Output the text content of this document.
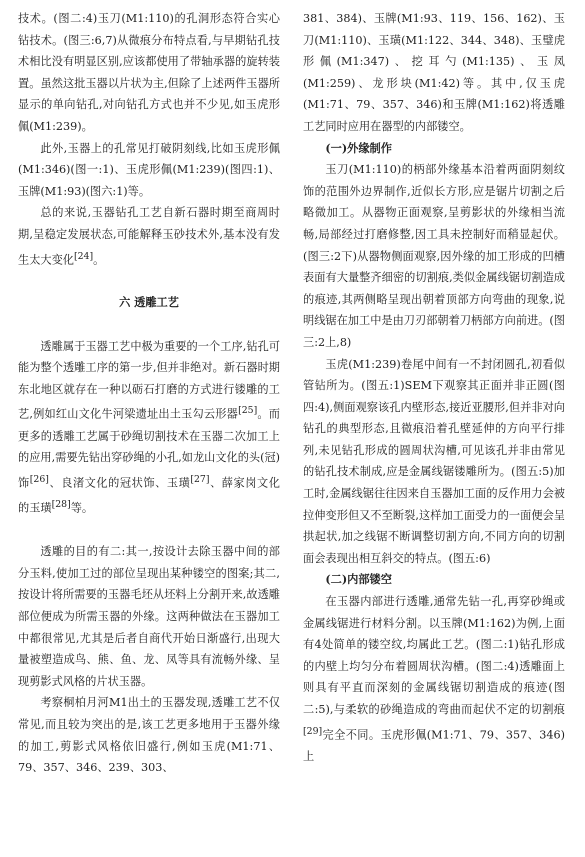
技术。(图二:4)玉刀(M1:110)的孔洞形态符合实心钻技术。(图三:6,7)从微痕分布特点看,与早期钻孔技术相比没有明显区别,应该都使用了带轴承器的旋转装置。虽然这批玉器以片状为主,但除了上述两件玉器所显示的单向钻孔,对向钻孔方式也并不少见,如玉虎形佩(M1:239)。

此外,玉器上的孔常见打破阴刻线,比如玉虎形佩(M1:346)(图一:1)、玉虎形佩(M1:239)(图四:1)、玉牌(M1:93)(图六:1)等。

总的来说,玉器钻孔工艺自新石器时期至商周时期,呈稳定发展状态,可能解释玉砂技术外,基本没有发生太大变化[24]。

六 透雕工艺

透雕属于玉器工艺中极为重要的一个工序,钻孔可能为整个透雕工序的第一步,但并非绝对。新石器时期东北地区就存在一种以砺石打磨的方式进行镂雕的工艺,例如红山文化牛河梁遗址出土玉勾云形器[25]。而更多的透雕工艺属于砂绳切割技术在玉器二次加工上的应用,需要先钻出穿砂绳的小孔,如龙山文化的头(冠)饰[26]、良渚文化的冠状饰、玉璜[27]、薛家岗文化的玉璜[28]等。

透雕的目的有二:其一,按设计去除玉器中间的部分玉料,使加工过的部位呈现出某种镂空的图案;其二,按设计将所需要的玉器毛坯从坯料上分割开来,故透雕部位便成为所需玉器的外缘。这两种做法在玉器加工中都很常见,尤其是后者自商代开始日渐盛行,出现大量被塑造成鸟、熊、鱼、龙、凤等具有流畅外缘、呈现剪影式风格的片状玉器。

考察桐柏月河M1出土的玉器发现,透雕工艺不仅常见,而且较为突出的是,该工艺更多地用于玉器外缘的加工,剪影式风格依旧盛行,例如玉虎(M1:71、79、357、346、239、303、

381、384)、玉牌(M1:93、119、156、162)、玉刀(M1:110)、玉璜(M1:122、344、348)、玉璧虎形佩(M1:347)、挖耳勺(M1:135)、玉凤(M1:259)、龙形块(M1:42)等。其中,仅玉虎(M1:71、79、357、346)和玉牌(M1:162)将透雕工艺同时应用在器型的内部镂空。

(一)外缘制作

玉刀(M1:110)的柄部外缘基本沿着两面阴刻纹饰的范围外边界制作,近似长方形,应是锯片切割之后略微加工。从器物正面观察,呈剪影状的外缘相当流畅,局部经过打磨修整,因工具未控制好而稍显起伏。(图三:2下)从器物侧面观察,因外缘的加工形成的凹槽表面有大量整齐细密的切割痕,类似金属线锯切割造成的痕迹,其两侧略呈现出朝着顶部方向弯曲的现象,说明线锯在加工中是由刀刃部朝着刀柄部方向前进。(图三:2上,8)

玉虎(M1:239)卷尾中间有一不封闭圆孔,初看似管钻所为。(图五:1)SEM下观察其正面并非正圆(图四:4),侧面观察该孔内壁形态,接近亚腰形,但并非对向钻孔的典型形态,且微痕沿着孔壁延伸的方向平行排列,未见钻孔形成的圆周状沟槽,可见该孔并非由常见的钻孔技术制成,应是金属线锯镂雕所为。(图五:5)加工时,金属线锯往往因来自玉器加工面的反作用力会被拉伸变形但又不至断裂,这样加工面受力的一面便会呈拱起状,加之线锯不断调整切割方向,不同方向的切割面会表现出相互斜交的特点。(图五:6)

(二)内部镂空

在玉器内部进行透雕,通常先钻一孔,再穿砂绳或金属线锯进行材料分割。以玉牌(M1:162)为例,上面有4处简单的镂空纹,均属此工艺。(图二:1)钻孔形成的内壁上均匀分布着圆周状沟槽。(图二:4)透雕面上则具有平直而深刻的金属线锯切割造成的痕迹(图二:5),与柔软的砂绳造成的弯曲而起伏不定的切割痕[29]完全不同。玉虎形佩(M1:71、79、357、346)上
